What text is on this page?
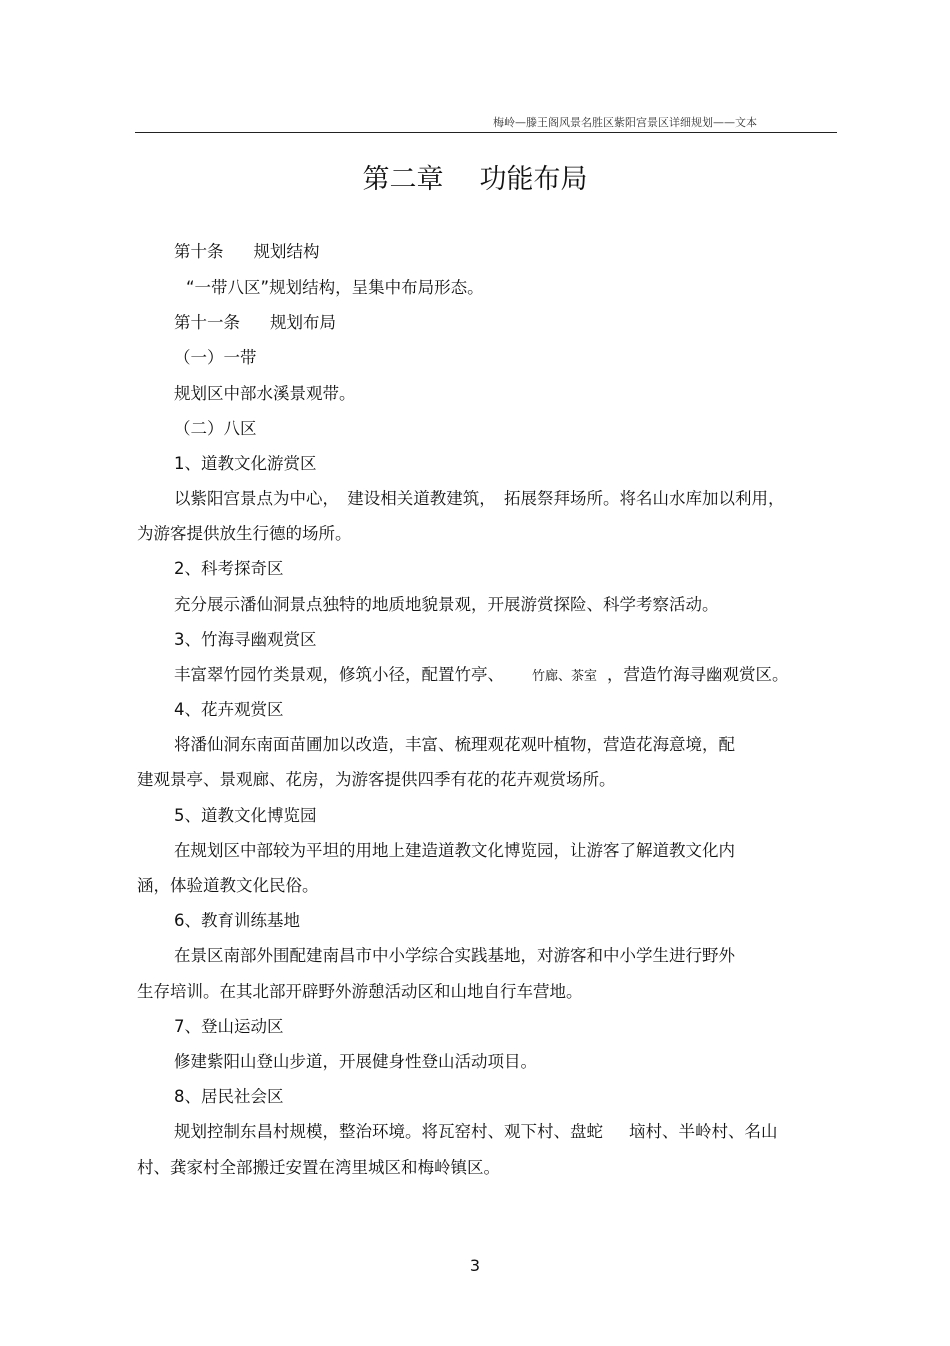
梅岭—滕王阁风景名胜区紫阳宫景区详细规划——文本
第二章 功能布局
第十条 规划结构
“一带八区”规划结构，呈集中布局形态。
第十一条 规划布局
（一）一带
规划区中部水溪景观带。
（二）八区
1、道教文化游赏区
以紫阳宫景点为中心，　建设相关道教建筑，　拓展祭拜场所。将名山水库加以利用，
为游客提供放生行德的场所。
2、科考探奇区
充分展示潘仙洞景点独特的地质地貌景观，开展游赏探险、科学考察活动。
3、竹海寻幽观赏区
丰富翠竹园竹类景观，修筑小径，配置竹亭、 竹廊、茶室 ，营造竹海寻幽观赏区。
4、花卉观赏区
将潘仙洞东南面苗圃加以改造，丰富、梳理观花观叶植物，营造花海意境，配
建观景亭、景观廊、花房，为游客提供四季有花的花卉观赏场所。
5、道教文化博览园
在规划区中部较为平坦的用地上建造道教文化博览园，让游客了解道教文化内
涵，体验道教文化民俗。
6、教育训练基地
在景区南部外围配建南昌市中小学综合实践基地，对游客和中小学生进行野外
生存培训。在其北部开辟野外游憩活动区和山地自行车营地。
7、登山运动区
修建紫阳山登山步道，开展健身性登山活动项目。
8、居民社会区
规划控制东昌村规模，整治环境。将瓦窑村、观下村、盘蛇 垴村、半岭村、名山
村、龚家村全部搬迁安置在湾里城区和梅岭镇区。
3
